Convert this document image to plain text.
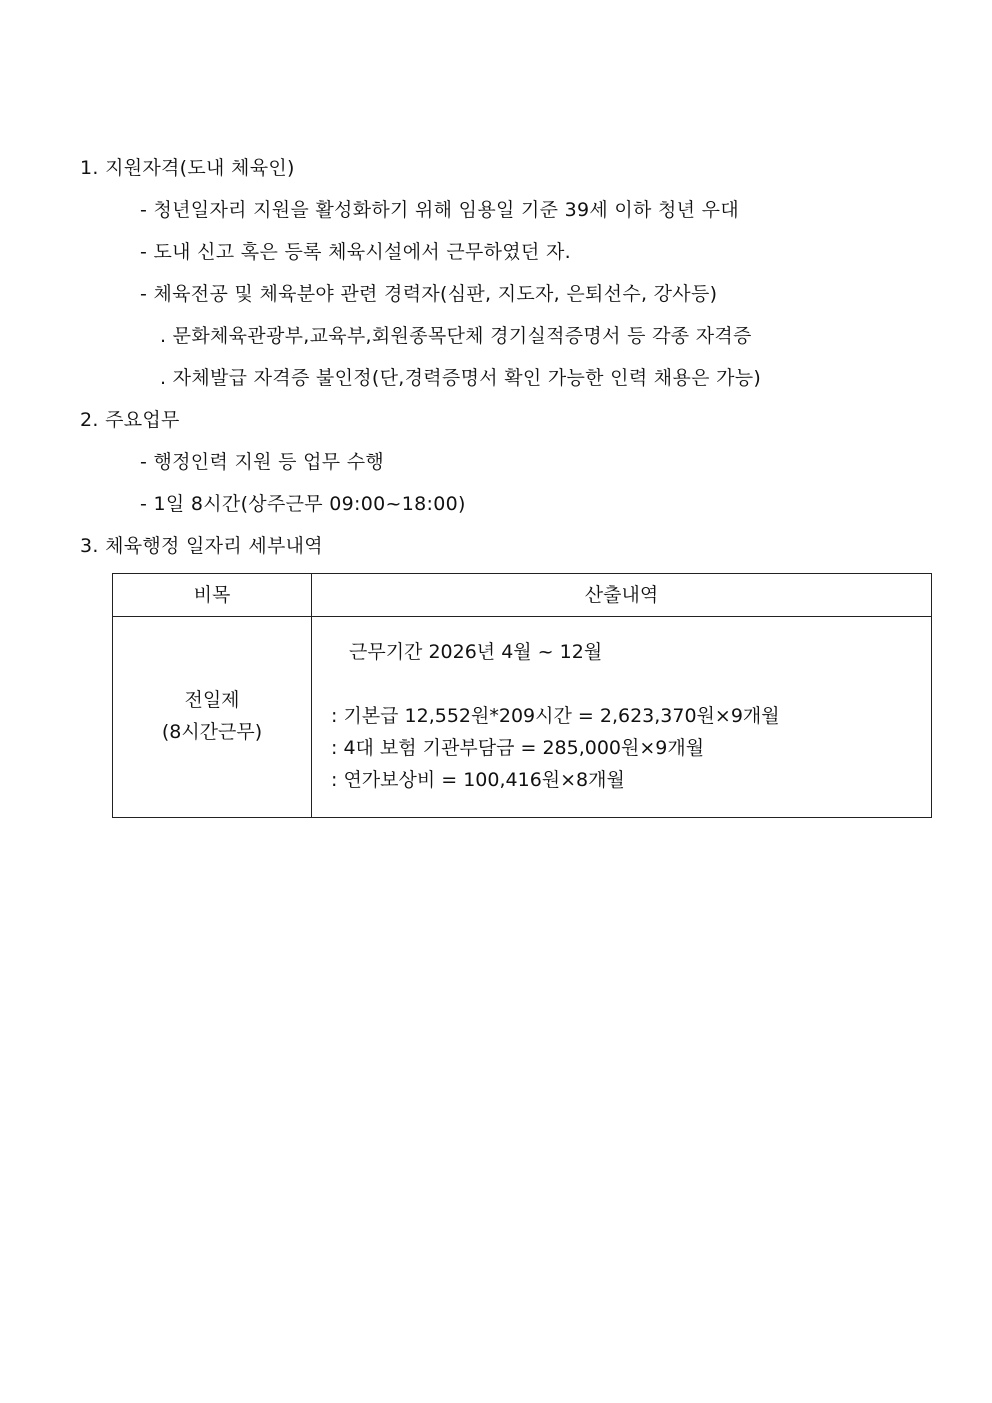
1. 지원자격(도내 체육인)
- 청년일자리 지원을 활성화하기 위해 임용일 기준 39세 이하 청년 우대
- 도내 신고 혹은 등록 체육시설에서 근무하였던 자.
- 체육전공 및 체육분야 관련 경력자(심판, 지도자, 은퇴선수, 강사등)
. 문화체육관광부,교육부,회원종목단체 경기실적증명서 등 각종 자격증
. 자체발급 자격증 불인정(단,경력증명서 확인 가능한 인력 채용은 가능)
2. 주요업무
- 행정인력 지원 등 업무 수행
- 1일 8시간(상주근무 09:00~18:00)
3. 체육행정 일자리 세부내역
비목	산출내역
전일제
(8시간근무)
근무기간 2026년 4월 ~ 12월
: 기본급 12,552원*209시간 = 2,623,370원×9개월
: 4대 보험 기관부담금 = 285,000원×9개월
: 연가보상비 = 100,416원×8개월
